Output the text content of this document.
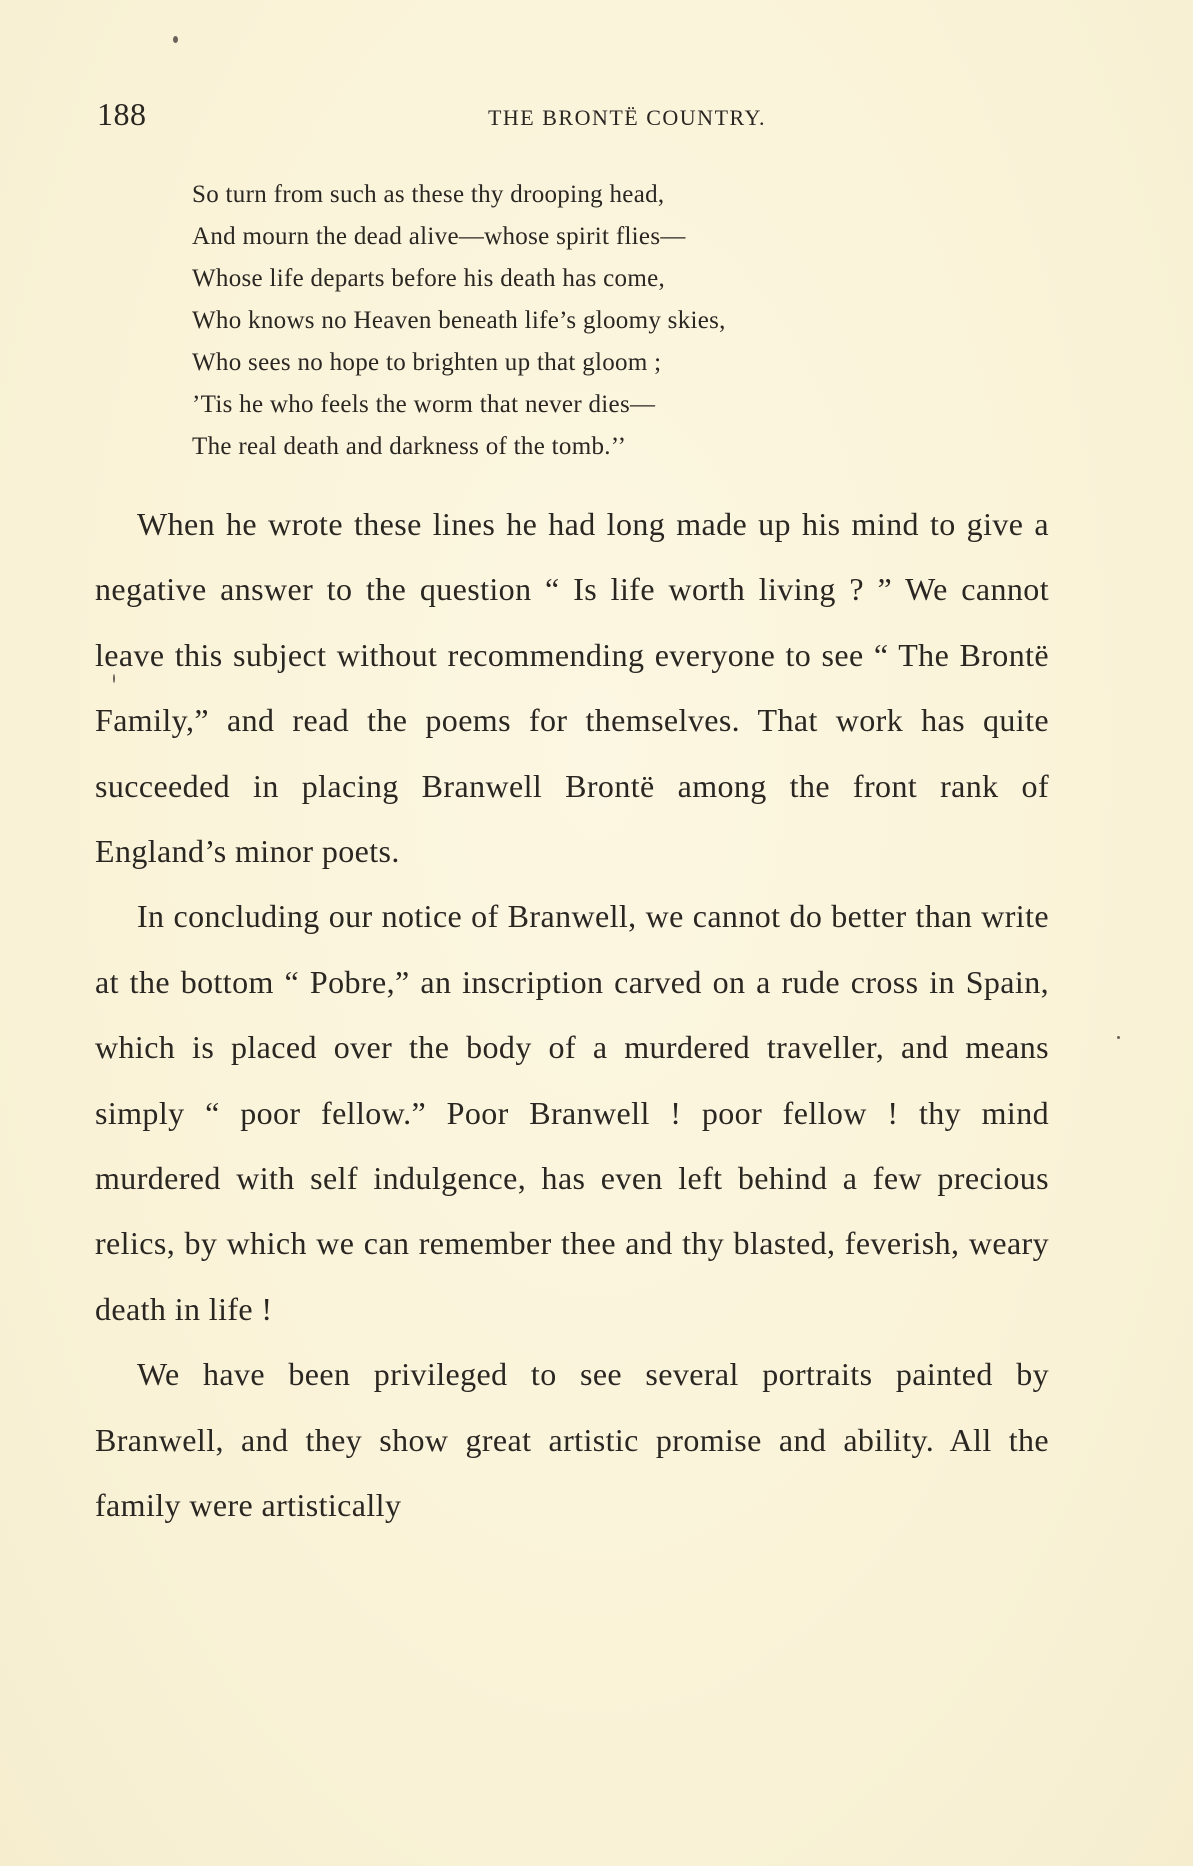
188	THE BRONTË COUNTRY.
So turn from such as these thy drooping head,
And mourn the dead alive—whose spirit flies—
Whose life departs before his death has come,
Who knows no Heaven beneath life’s gloomy skies,
Who sees no hope to brighten up that gloom ;
’Tis he who feels the worm that never dies—
The real death and darkness of the tomb.’’

When he wrote these lines he had long made up his mind to give a negative answer to the question “ Is life worth living ? ” We cannot leave this subject without recommending everyone to see “ The Brontë Family,” and read the poems for themselves. That work has quite succeeded in placing Branwell Brontë among the front rank of England’s minor poets.

In concluding our notice of Branwell, we cannot do better than write at the bottom “ Pobre,” an inscription carved on a rude cross in Spain, which is placed over the body of a murdered traveller, and means simply “ poor fellow.” Poor Branwell ! poor fellow ! thy mind murdered with self indulgence, has even left behind a few precious relics, by which we can remember thee and thy blasted, feverish, weary death in life !

We have been privileged to see several portraits painted by Branwell, and they show great artistic promise and ability. All the family were artistically
